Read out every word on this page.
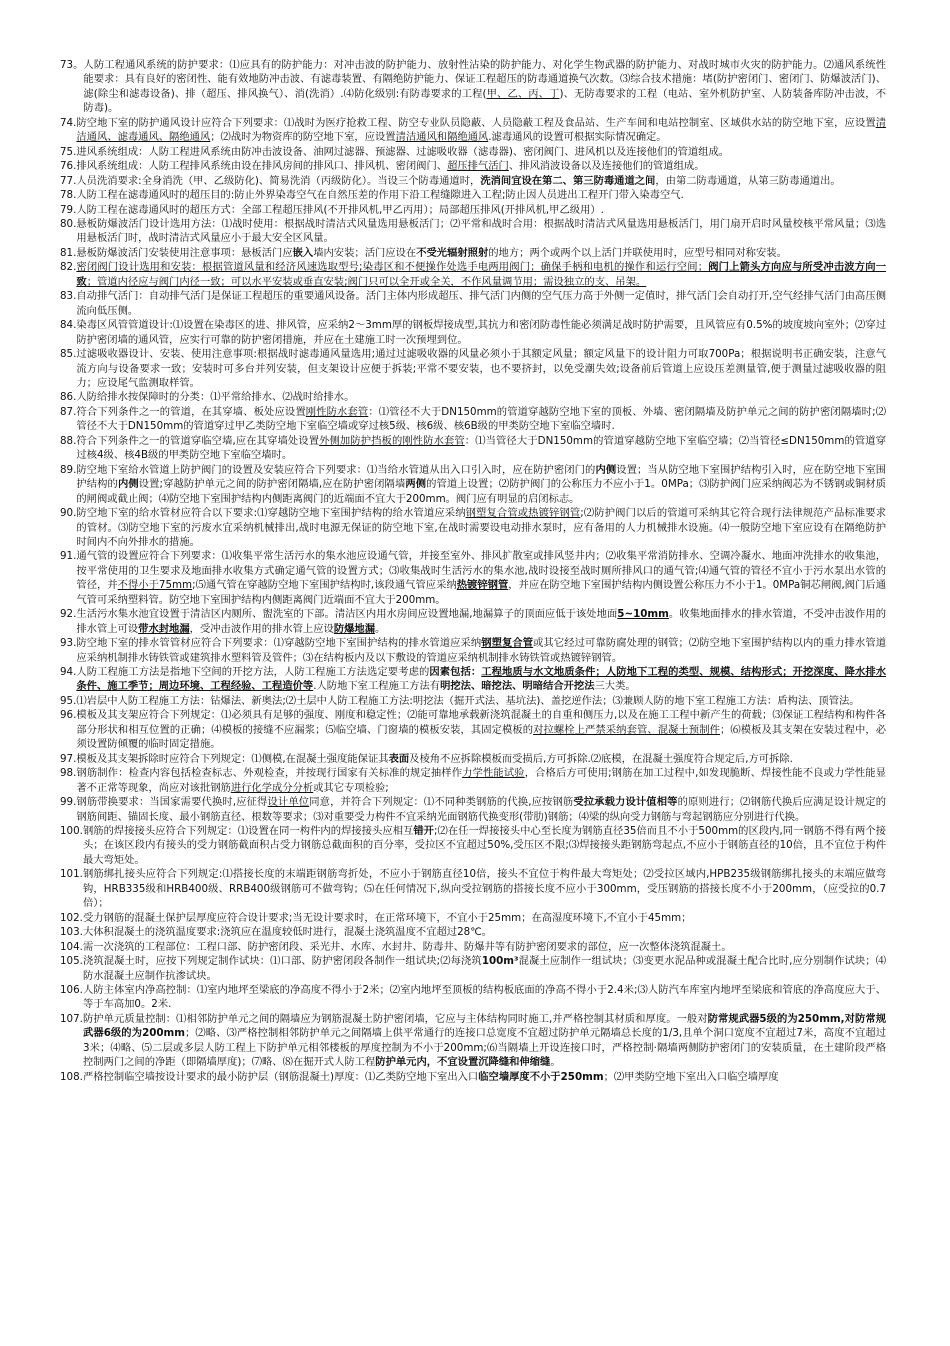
73。 人防工程通风系统的防护要求：⑴应具有的防护能力：对冲击波的防护能力、放射性沾染的防护能力、对化学生物武器的防护能力、对战时城市火灾的防护能力。⑵通风系统性能要求：具有良好的密闭性、能有效地防冲击波、有滤毒装置、有隔绝防护能力、保证工程超压的防毒通道换气次数。⑶综合技术措施：堵(防护密闭门、密闭门、防爆波活门)、滤(除尘和滤毒设备)、排（超压、排风换气）、消(洗消）.⑷防化级别:有防毒要求的工程(甲、乙、丙、丁)、无防毒要求的工程（电站、室外机防护室、人防装备库防冲击波，不防毒)。
74. 防空地下室的防护通风设计应符合下列要求：⑴战时为医疗抢救工程、防空专业队员隐蔽、人员隐蔽工程及食品站、生产车间和电站控制室、区域供水站的防空地下室，应设置清洁通风、滤毒通风、隔绝通风；⑵战时为物资库的防空地下室，应设置清洁通风和隔绝通风.滤毒通风的设置可根据实际情况确定。
75. 进风系统组成：人防工程进风系统由防冲击波设备、油网过滤器、预滤器、过滤吸收器（滤毒器)、密闭阀门、进风机以及连接他们的管道组成。
76. 排风系统组成：人防工程排风系统由设在排风房间的排风口、排风机、密闭阀门、超压排气活门、排风消波设备以及连接他们的管道组成。
77. 人员洗消要求:全身消洗（甲、乙级防化)、简易洗消（丙级防化）。当设三个防毒通道时，洗消间宜设在第二、第三防毒通道之间，由第二防毒通道，从第三防毒通道出。
78. 人防工程在滤毒通风时的超压目的:防止外界染毒空气在自然压差的作用下沿工程缝隙进入工程;防止因人员进出工程开门带入染毒空气.
79. 人防工程在滤毒通风时的超压方式：全部工程超压排风(不开排风机,甲乙丙用）；局部超压排风(开排风机,甲乙级用）.
80. 悬板防爆波活门设计选用方法：⑴战时使用：根据战时清洁式风量选用悬板活门；⑵平常和战时合用：根据战时清洁式风量选用悬板活门，用门扇开启时风量校核平常风量；⑶选用悬板活门时，战时清洁式风量应小于最大安全区风量。
81. 悬板防爆波活门安装使用注意事项：悬板活门应嵌入墙内安装；活门应设在不受光辐射照射的地方；两个或两个以上活门并联使用时，应型号相同对称安装。
82. 密闭阀门设计选用和安装：根据管道风量和经济风速选取型号;染毒区和不便操作处选手电两用阀门；确保手柄和电机的操作和运行空间；阀门上箭头方向应与所受冲击波方向一致；管道内径应与阀门内径一致；可以水平安装或垂直安装;阀门只可以全开或全关，不作风量调节用；需设独立的支、吊架。
83. 自动排气活门：自动排气活门是保证工程超压的重要通风设备。活门主体内形成超压、排气活门内侧的空气压力高于外侧一定值时，排气活门会自动打开,空气经排气活门由高压侧流向低压侧。
84. 染毒区风管管道设计:⑴设置在染毒区的进、排风管，应采纳2～3mm厚的钢板焊接成型,其抗力和密闭防毒性能必须满足战时防护需要，且风管应有0.5%的坡度坡向室外；⑵穿过防护密闭墙的通风管，应实行可靠的防护密闭措施，并应在土建施工时一次预埋到位。
85. 过滤吸收器设计、安装、使用注意事项:根据战时滤毒通风量选用;通过过滤吸收器的风量必须小于其额定风量；额定风量下的设计阻力可取700Pa；根据说明书正确安装，注意气流方向与设备要求一致；安装时可多台并列安装，但支架设计应便于拆装;平常不要安装，也不要挤封，以免受潮失效;设备前后管道上应设压差测量管,便于测量过滤吸收器的阻力；应设尾气监测取样管。
86. 人防给排水按保障时的分类：⑴平常给排水、⑵战时给排水。
87. 符合下列条件之一的管道，在其穿墙、板处应设置刚性防水套管：⑴管径不大于DN150mm的管道穿越防空地下室的顶板、外墙、密闭隔墙及防护单元之间的防护密闭隔墙时;⑵管径不大于DN150mm的管道穿过甲乙类防空地下室临空墙或穿过核5级、核6级、核6B级的甲类防空地下室临空墙时.
88. 符合下列条件之一的管道穿临空墙,应在其穿墙处设置外侧加防护挡板的刚性防水套管：⑴当管径大于DN150mm的管道穿越防空地下室临空墙；⑵当管径≤DN150mm的管道穿过核4级、核4B级的甲类防空地下室临空墙时。
89. 防空地下室给水管道上防护阀门的设置及安装应符合下列要求：⑴当给水管道从出入口引入时，应在防护密闭门的内侧设置；当从防空地下室围护结构引入时，应在防空地下室围护结构的内侧设置;穿越防护单元之间的防护密闭隔墙,应在防护密闭隔墙两侧的管道上设置；⑵防护阀门的公称压力不应小于1。0MPa；⑶防护阀门应采纳阀芯为不锈钢或铜材质的闸阀或截止阀；⑷防空地下室围护结构内侧距离阀门的近端面不宜大于200mm。阀门应有明显的启闭标志。
90. 防空地下室的给水管材应符合以下要求:⑴穿越防空地下室围护结构的给水管道应采纳钢塑复合管或热镀锌钢管;⑵防护阀门以后的管道可采纳其它符合现行法律规范产品标准要求的管材。⑶防空地下室的污废水宜采纳机械排出,战时电源无保证的防空地下室,在战时需要设电动排水泵时，应有备用的人力机械排水设施。⑷一般防空地下室应设有在隔绝防护时间内不向外排水的措施。
91. 通气管的设置应符合下列要求：⑴收集平常生活污水的集水池应设通气管，并接至室外、排风扩散室或排风竖井内；⑵收集平常消防排水、空调冷凝水、地面冲洗排水的收集池，按平常使用的卫生要求及地面排水收集方式确定通气管的设置方式；⑶收集战时生活污水的集水池,战时设接至战时厕所排风口的通气管;⑷通气管的管径不宜小于污水泵出水管的管径，并不得小于75mm;⑸通气管在穿越防空地下室围护结构时,该段通气管应采纳热镀锌钢管，并应在防空地下室围护结构内侧设置公称压力不小于1。0MPa铜芯闸阀,阀门后通气管可采纳塑料管。防空地下室围护结构内侧距离阀门近端面不宜大于200mm。
92. 生活污水集水池宜设置于清洁区内厕所、盥洗室的下部。清洁区内用水房间应设置地漏,地漏算子的顶面应低于该处地面5~10mm。收集地面排水的排水管道，不受冲击波作用的排水管上可设带水封地漏，受冲击波作用的排水管上应设防爆地漏。
93. 防空地下室的排水管管材应符合下列要求：⑴穿越防空地下室围护结构的排水管道应采纳钢塑复合管或其它经过可靠防腐处理的钢管；⑵防空地下室围护结构以内的重力排水管道应采纳机制排水铸铁管或建筑排水塑料管及管件；⑶在结构板内及以下敷设的管道应采纳机制排水铸铁管或热镀锌钢管。
94. 人防工程施工方法是指地下空间的开挖方法，人防工程施工方法选定要考虑的因素包括：工程地质与水文地质条件；人防地下工程的类型、规模、结构形式；开挖深度、降水排水条件、施工季节；周边环境、工程经验、工程造价等.人防地下室工程施工方法有明挖法、暗挖法、明暗结合开挖法三大类。
95. ⑴岩层中人防工程施工方法：钻爆法、新奥法;⑵土层中人防工程施工方法:明挖法（掘开式法、基坑法)、盖挖逆作法；⑶兼顾人防的地下室工程施工方法：盾构法、顶管法。
96. 模板及其支架应符合下列规定：⑴必须具有足够的强度、刚度和稳定性；⑵能可靠地承载新浇筑混凝土的自重和侧压力,以及在施工工程中新产生的荷载；⑶保证工程结构和构件各部分形状和相互位置的正确；⑷模板的接缝不应漏浆；⑸临空墙、门窗墙的模板安装，其固定模板的对拉螺栓上严禁采纳套管、混凝土预制件；⑹模板及其支架在安装过程中，必须设置防倾覆的临时固定措施。
97. 模板及其支架拆除时应符合下列规定：⑴侧模,在混凝土强度能保证其表面及棱角不应拆除模板而受损后,方可拆除.⑵底模，在混凝土强度符合规定后,方可拆除.
98. 钢筋制作：检查内容包括检查标志、外观检查，并按现行国家有关标准的规定抽样作力学性能试验，合格后方可使用;钢筋在加工过程中,如发现脆断、焊接性能不良或力学性能显著不正常等现象，尚应对该批钢筋进行化学成分分析或其它专项检验;
99. 钢筋带换要求：当国家需要代换时,应征得设计单位同意，并符合下列规定：⑴不同种类钢筋的代换,应按钢筋受拉承载力设计值相等的原则进行；⑵钢筋代换后应满足设计规定的钢筋间距、锚固长度、最小钢筋直径、根数等要求；⑶对重要受力构件不宜采纳光面钢筋代换变形(带肋)钢筋；⑷梁的纵向受力钢筋与弯起钢筋应分别进行代换。
100. 钢筋的焊接接头应符合下列规定：⑴设置在同一构件内的焊接接头应相互错开;⑵在任一焊接接头中心至长度为钢筋直径35倍而且不小于500mm的区段内,同一钢筋不得有两个接头；在该区段内有接头的受力钢筋截面积占受力钢筋总截面积的百分率，受拉区不宜超过50%,受压区不限;⑶焊接接头距钢筋弯起点,不应小于钢筋直径的10倍，且不宜位于构件最大弯矩处。
101. 钢筋绑扎接头应符合下列规定:⑴搭接长度的末端距钢筋弯折处，不应小于钢筋直径10倍，接头不宜位于构件最大弯矩处；⑵受拉区域内,HPB235级钢筋绑扎接头的末端应做弯钩，HRB335级和HRB400级、RRB400级钢筋可不做弯钩；⑸在任何情况下,纵向受拉钢筋的搭接长度不应小于300mm，受压钢筋的搭接长度不小于200mm，（应受拉的0.7倍）；
102. 受力钢筋的混凝土保护层厚度应符合设计要求;当无设计要求时，在正常环境下，不宜小于25mm；在高湿度环境下,不宜小于45mm；
103. 大体积混凝土的浇筑温度要求:浇筑应在温度较低时进行，混凝土浇筑温度不宜超过28℃。
104. 需一次浇筑的工程部位：工程口部、防护密闭段、采光井、水库、水封井、防毒井、防爆井等有防护密闭要求的部位，应一次整体浇筑混凝土。
105. 浇筑混凝土时，应按下列规定制作试块：⑴口部、防护密闭段各制作一组试块;⑵每浇筑100m³混凝土应制作一组试块；⑶变更水泥品种或混凝土配合比时,应分别制作试块；⑷防水混凝土应制作抗渗试块。
106. 人防主体室内净高控制：⑴室内地坪至梁底的净高度不得小于2米；⑵室内地坪至顶板的结构板底面的净高不得小于2.4米;⑶人防汽车库室内地坪至梁底和管底的净高度应大于、等于车高加0。2米.
107. 防护单元质量控制：⑴相邻防护单元之间的隔墙应为钢筋混凝土防护密闭墙，它应与主体结构同时施工,并严格控制其材质和厚度。一般对防常规武器5级的为250mm,对防常规武器6级的为200mm；⑵略、⑶严格控制相邻防护单元之间隔墙上供平常通行的连接口总宽度不宜超过防护单元隔墙总长度的1/3,且单个洞口宽度不宜超过7米，高度不宜超过3米；⑷略、⑸二层或多层人防工程上下防护单元相邻楼板的厚度控制为不小于200mm;⑹当隔墙上开设连接口时，严格控制·隔墙两侧防护密闭门的安装质量，在土建阶段严格控制两门之间的净距（即隔墙厚度)；⑺略、⑻在掘开式人防工程防护单元内，不宜设置沉降缝和伸缩缝。
108. 严格控制临空墙按设计要求的最小防护层（钢筋混凝土)厚度：⑴乙类防空地下室出入口临空墙厚度不小于250mm；⑵甲类防空地下室出入口临空墙厚度
